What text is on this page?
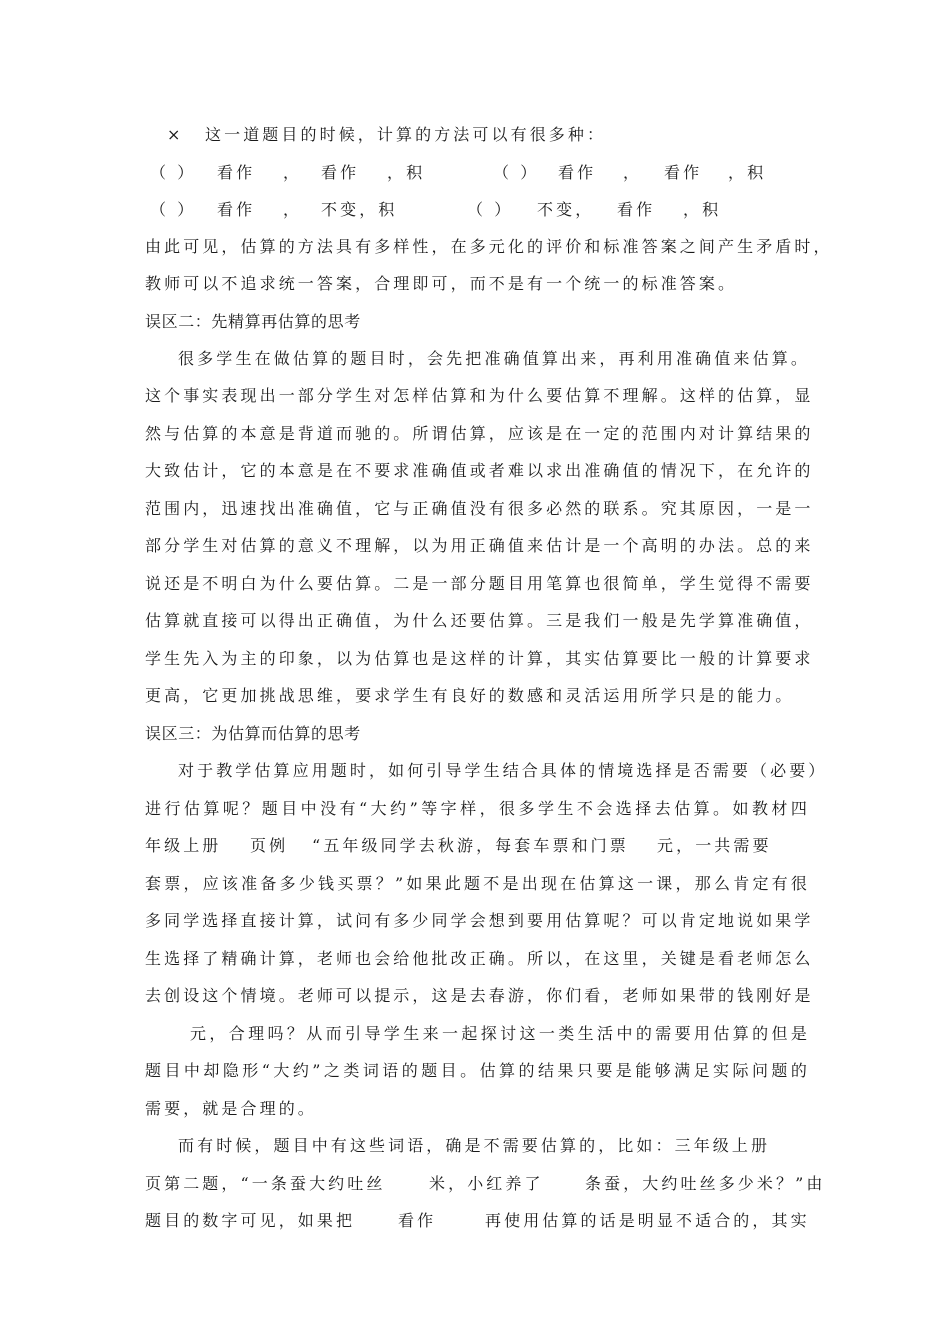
× 这一道题目的时候，计算的方法可以有很多种：
（ ） 看作 ， 看作 ，积	（ ） 看作 ， 看作 ，积
（ ） 看作 ， 不变，积	（ ） 不变， 看作 ，积
由此可见，估算的方法具有多样性，在多元化的评价和标准答案之间产生矛盾时，
教师可以不追求统一答案，合理即可，而不是有一个统一的标准答案。
误区二：先精算再估算的思考
很多学生在做估算的题目时，会先把准确值算出来，再利用准确值来估算。
这个事实表现出一部分学生对怎样估算和为什么要估算不理解。这样的估算，显
然与估算的本意是背道而驰的。所谓估算，应该是在一定的范围内对计算结果的
大致估计，它的本意是在不要求准确值或者难以求出准确值的情况下，在允许的
范围内，迅速找出准确值，它与正确值没有很多必然的联系。究其原因，一是一
部分学生对估算的意义不理解，以为用正确值来估计是一个高明的办法。总的来
说还是不明白为什么要估算。二是一部分题目用笔算也很简单，学生觉得不需要
估算就直接可以得出正确值，为什么还要估算。三是我们一般是先学算准确值，
学生先入为主的印象，以为估算也是这样的计算，其实估算要比一般的计算要求
更高，它更加挑战思维，要求学生有良好的数感和灵活运用所学只是的能力。
误区三：为估算而估算的思考
对于教学估算应用题时，如何引导学生结合具体的情境选择是否需要（必要）
进行估算呢？题目中没有“大约”等字样，很多学生不会选择去估算。如教材四
年级上册 页例 “五年级同学去秋游，每套车票和门票 元，一共需要
套票，应该准备多少钱买票？”如果此题不是出现在估算这一课，那么肯定有很
多同学选择直接计算，试问有多少同学会想到要用估算呢？可以肯定地说如果学
生选择了精确计算，老师也会给他批改正确。所以，在这里，关键是看老师怎么
去创设这个情境。老师可以提示，这是去春游，你们看，老师如果带的钱刚好是
元，合理吗？从而引导学生来一起探讨这一类生活中的需要用估算的但是
题目中却隐形“大约”之类词语的题目。估算的结果只要是能够满足实际问题的
需要，就是合理的。
而有时候，题目中有这些词语，确是不需要估算的，比如：三年级上册
页第二题，“一条蚕大约吐丝	米，小红养了	条蚕，大约吐丝多少米？”由
题目的数字可见，如果把	看作	再使用估算的话是明显不适合的，其实
